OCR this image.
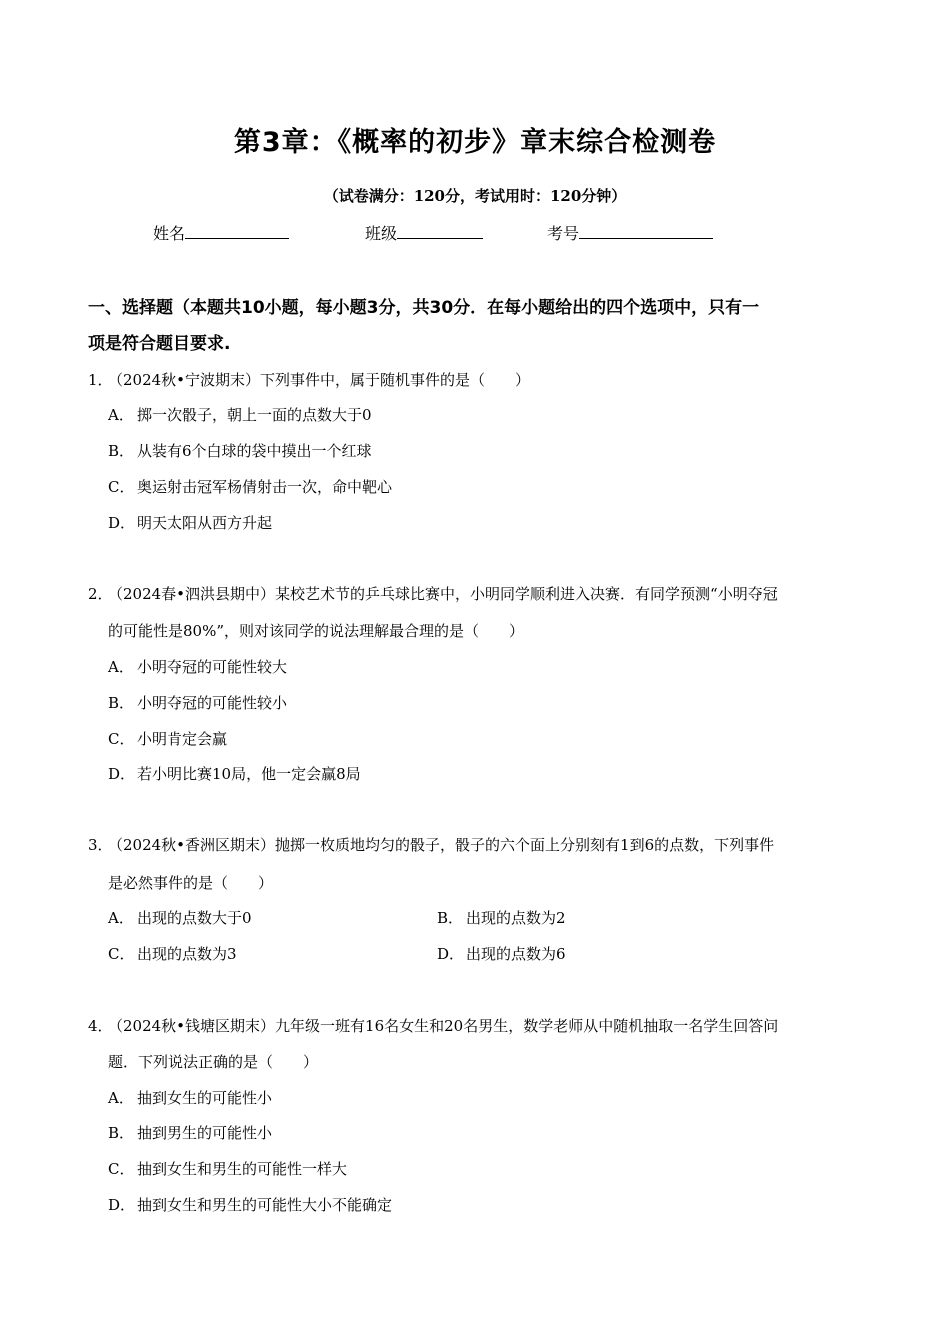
第3章：《概率的初步》章末综合检测卷
（试卷满分：120分，考试用时：120分钟）
姓名	班级	考号
一、选择题（本题共10小题，每小题3分，共30分．在每小题给出的四个选项中，只有一
项是符合题目要求.
1．
（2024秋•宁波期末）下列事件中，属于随机事件的是（　　）
A． 掷一次骰子，朝上一面的点数大于0
B． 从装有6个白球的袋中摸出一个红球
C． 奥运射击冠军杨倩射击一次，命中靶心
D． 明天太阳从西方升起
2．
（2024春•泗洪县期中）某校艺术节的乒乓球比赛中，小明同学顺利进入决赛．有同学预测“小明夺冠
的可能性是80%”，则对该同学的说法理解最合理的是（　　）
A． 小明夺冠的可能性较大
B． 小明夺冠的可能性较小
C． 小明肯定会赢
D． 若小明比赛10局，他一定会赢8局
3．
（2024秋•香洲区期末）抛掷一枚质地均匀的骰子，骰子的六个面上分别刻有1到6的点数，下列事件
是必然事件的是（　　）
A． 出现的点数大于0	B． 出现的点数为2
C． 出现的点数为3	D． 出现的点数为6
4．
（2024秋•钱塘区期末）九年级一班有16名女生和20名男生，数学老师从中随机抽取一名学生回答问
题．下列说法正确的是（　　）
A． 抽到女生的可能性小
B． 抽到男生的可能性小
C． 抽到女生和男生的可能性一样大
D． 抽到女生和男生的可能性大小不能确定
